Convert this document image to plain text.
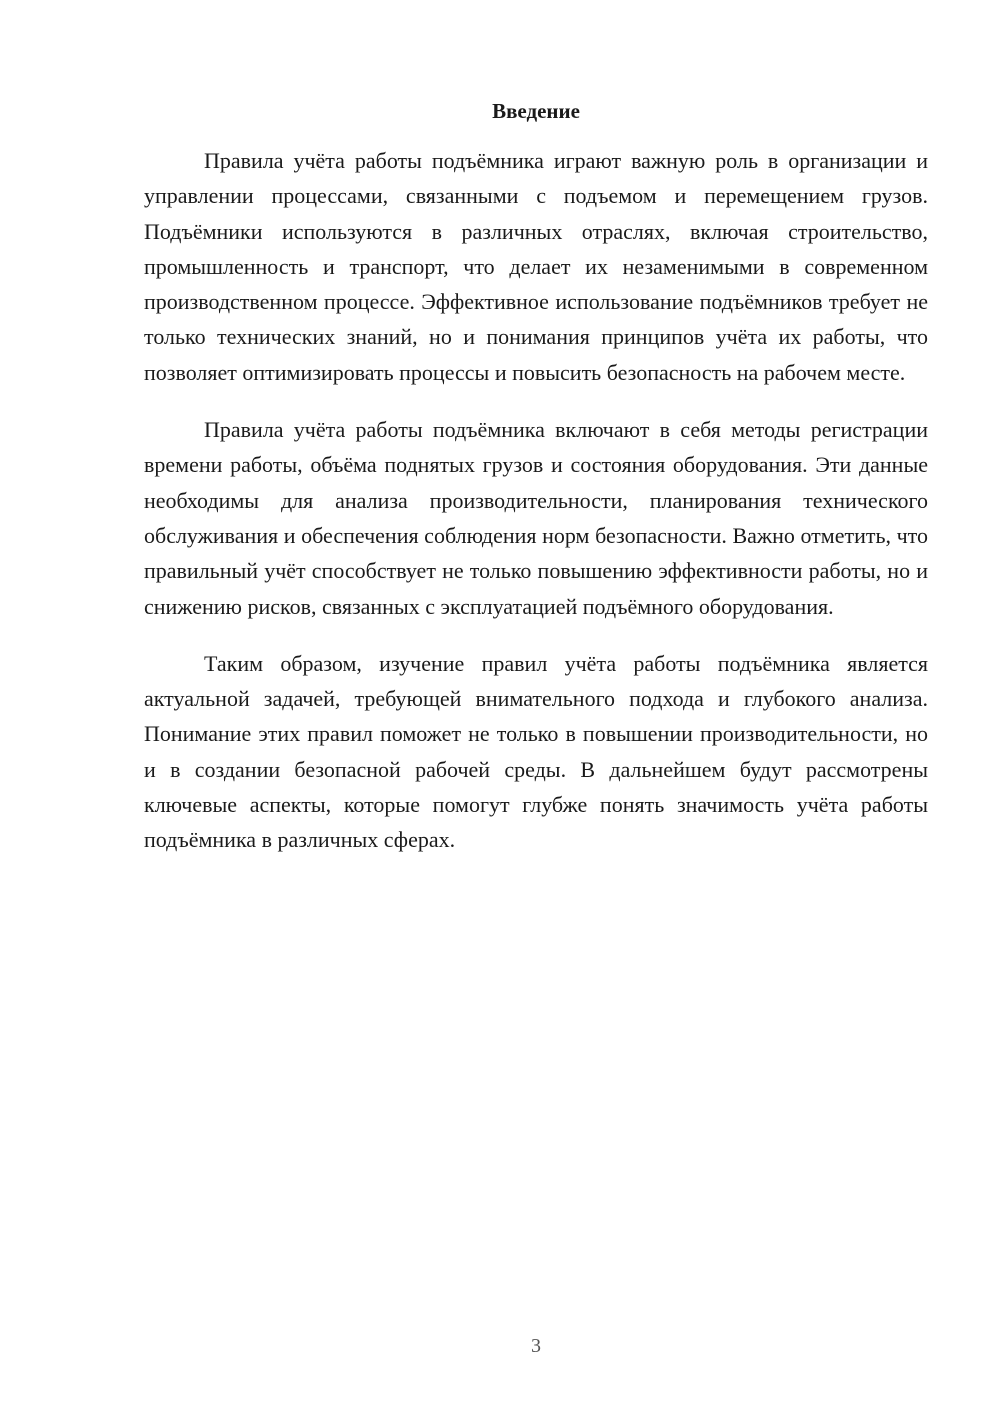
Введение

Правила учёта работы подъёмника играют важную роль в организации и управлении процессами, связанными с подъемом и перемещением грузов. Подъёмники используются в различных отраслях, включая строительство, промышленность и транспорт, что делает их незаменимыми в современном производственном процессе. Эффективное использование подъёмников требует не только технических знаний, но и понимания принципов учёта их работы, что позволяет оптимизировать процессы и повысить безопасность на рабочем месте.

Правила учёта работы подъёмника включают в себя методы регистрации времени работы, объёма поднятых грузов и состояния оборудования. Эти данные необходимы для анализа производительности, планирования технического обслуживания и обеспечения соблюдения норм безопасности. Важно отметить, что правильный учёт способствует не только повышению эффективности работы, но и снижению рисков, связанных с эксплуатацией подъёмного оборудования.

Таким образом, изучение правил учёта работы подъёмника является актуальной задачей, требующей внимательного подхода и глубокого анализа. Понимание этих правил поможет не только в повышении производительности, но и в создании безопасной рабочей среды. В дальнейшем будут рассмотрены ключевые аспекты, которые помогут глубже понять значимость учёта работы подъёмника в различных сферах.

3
